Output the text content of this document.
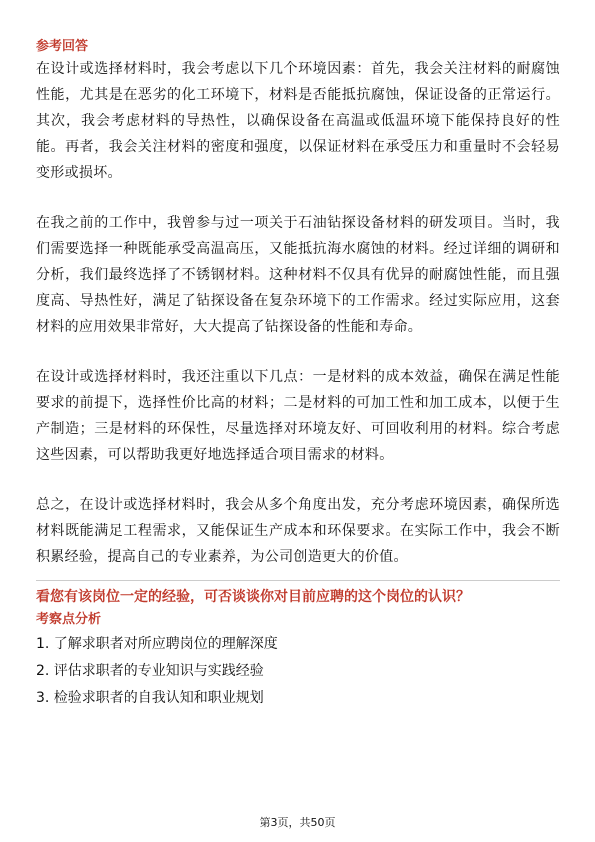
参考回答

在设计或选择材料时，我会考虑以下几个环境因素：首先，我会关注材料的耐腐蚀性能，尤其是在恶劣的化工环境下，材料是否能抵抗腐蚀，保证设备的正常运行。其次，我会考虑材料的导热性，以确保设备在高温或低温环境下能保持良好的性能。再者，我会关注材料的密度和强度，以保证材料在承受压力和重量时不会轻易变形或损坏。

在我之前的工作中，我曾参与过一项关于石油钻探设备材料的研发项目。当时，我们需要选择一种既能承受高温高压，又能抵抗海水腐蚀的材料。经过详细的调研和分析，我们最终选择了不锈钢材料。这种材料不仅具有优异的耐腐蚀性能，而且强度高、导热性好，满足了钻探设备在复杂环境下的工作需求。经过实际应用，这套材料的应用效果非常好，大大提高了钻探设备的性能和寿命。

在设计或选择材料时，我还注重以下几点：一是材料的成本效益，确保在满足性能要求的前提下，选择性价比高的材料；二是材料的可加工性和加工成本，以便于生产制造；三是材料的环保性，尽量选择对环境友好、可回收利用的材料。综合考虑这些因素，可以帮助我更好地选择适合项目需求的材料。

总之，在设计或选择材料时，我会从多个角度出发，充分考虑环境因素，确保所选材料既能满足工程需求，又能保证生产成本和环保要求。在实际工作中，我会不断积累经验，提高自己的专业素养，为公司创造更大的价值。

看您有该岗位一定的经验，可否谈谈你对目前应聘的这个岗位的认识？
考察点分析
1. 了解求职者对所应聘岗位的理解深度
2. 评估求职者的专业知识与实践经验
3. 检验求职者的自我认知和职业规划
第3页，共50页
